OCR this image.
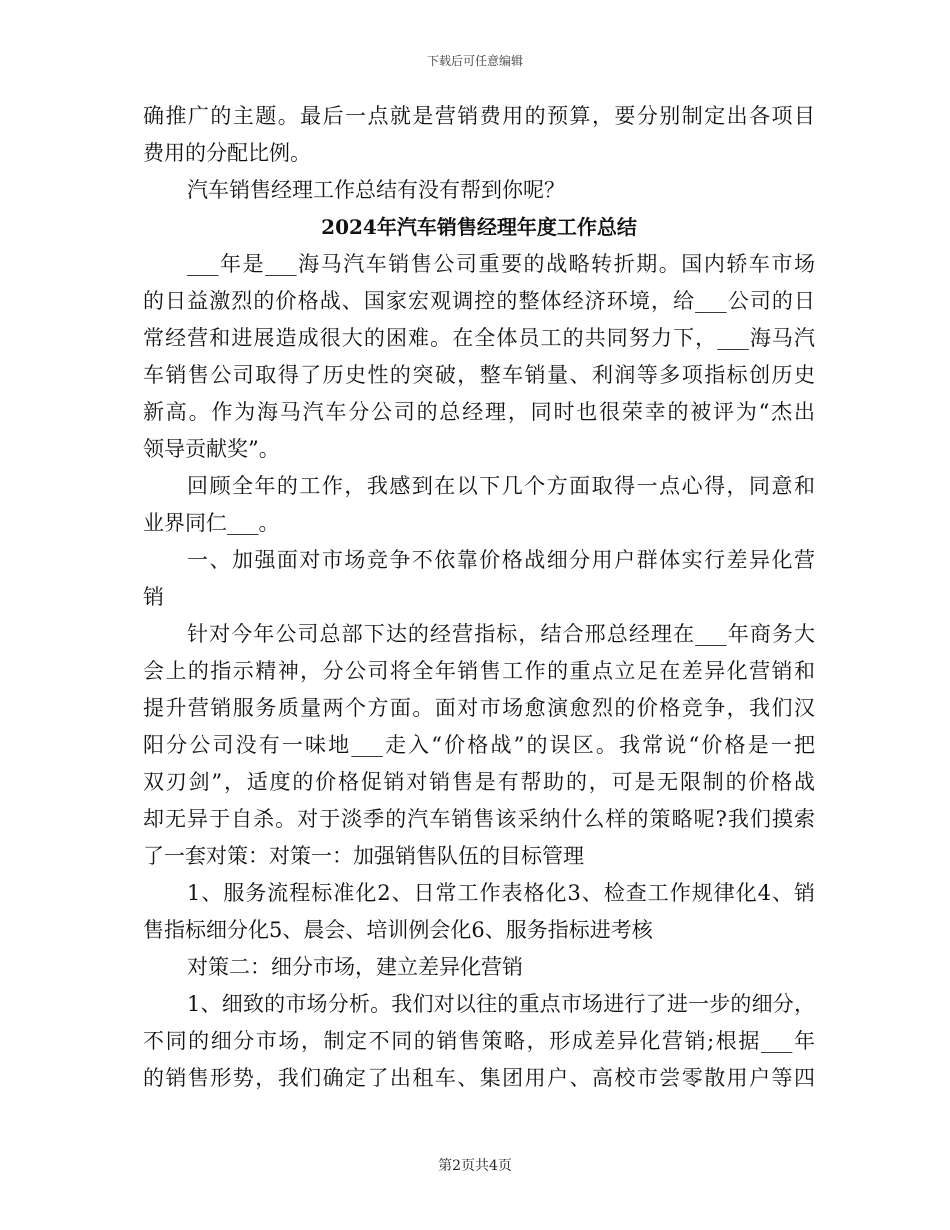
下载后可任意编辑
确推广的主题。最后一点就是营销费用的预算，要分别制定出各项目
费用的分配比例。
汽车销售经理工作总结有没有帮到你呢？
2024年汽车销售经理年度工作总结
___年是___海马汽车销售公司重要的战略转折期。国内轿车市场
的日益激烈的价格战、国家宏观调控的整体经济环境，给___公司的日
常经营和进展造成很大的困难。在全体员工的共同努力下，___海马汽
车销售公司取得了历史性的突破，整车销量、利润等多项指标创历史
新高。作为海马汽车分公司的总经理，同时也很荣幸的被评为“杰出
领导贡献奖”。
回顾全年的工作，我感到在以下几个方面取得一点心得，同意和
业界同仁___。
一、加强面对市场竞争不依靠价格战细分用户群体实行差异化营
销
针对今年公司总部下达的经营指标，结合邢总经理在___年商务大
会上的指示精神，分公司将全年销售工作的重点立足在差异化营销和
提升营销服务质量两个方面。面对市场愈演愈烈的价格竞争，我们汉
阳分公司没有一味地___走入“价格战”的误区。我常说“价格是一把
双刃剑”，适度的价格促销对销售是有帮助的，可是无限制的价格战
却无异于自杀。对于淡季的汽车销售该采纳什么样的策略呢?我们摸索
了一套对策：对策一：加强销售队伍的目标管理
1、服务流程标准化2、日常工作表格化3、检查工作规律化4、销
售指标细分化5、晨会、培训例会化6、服务指标进考核
对策二：细分市场，建立差异化营销
1、细致的市场分析。我们对以往的重点市场进行了进一步的细分，
不同的细分市场，制定不同的销售策略，形成差异化营销;根据___年
的销售形势，我们确定了出租车、集团用户、高校市尝零散用户等四
第2页共4页
